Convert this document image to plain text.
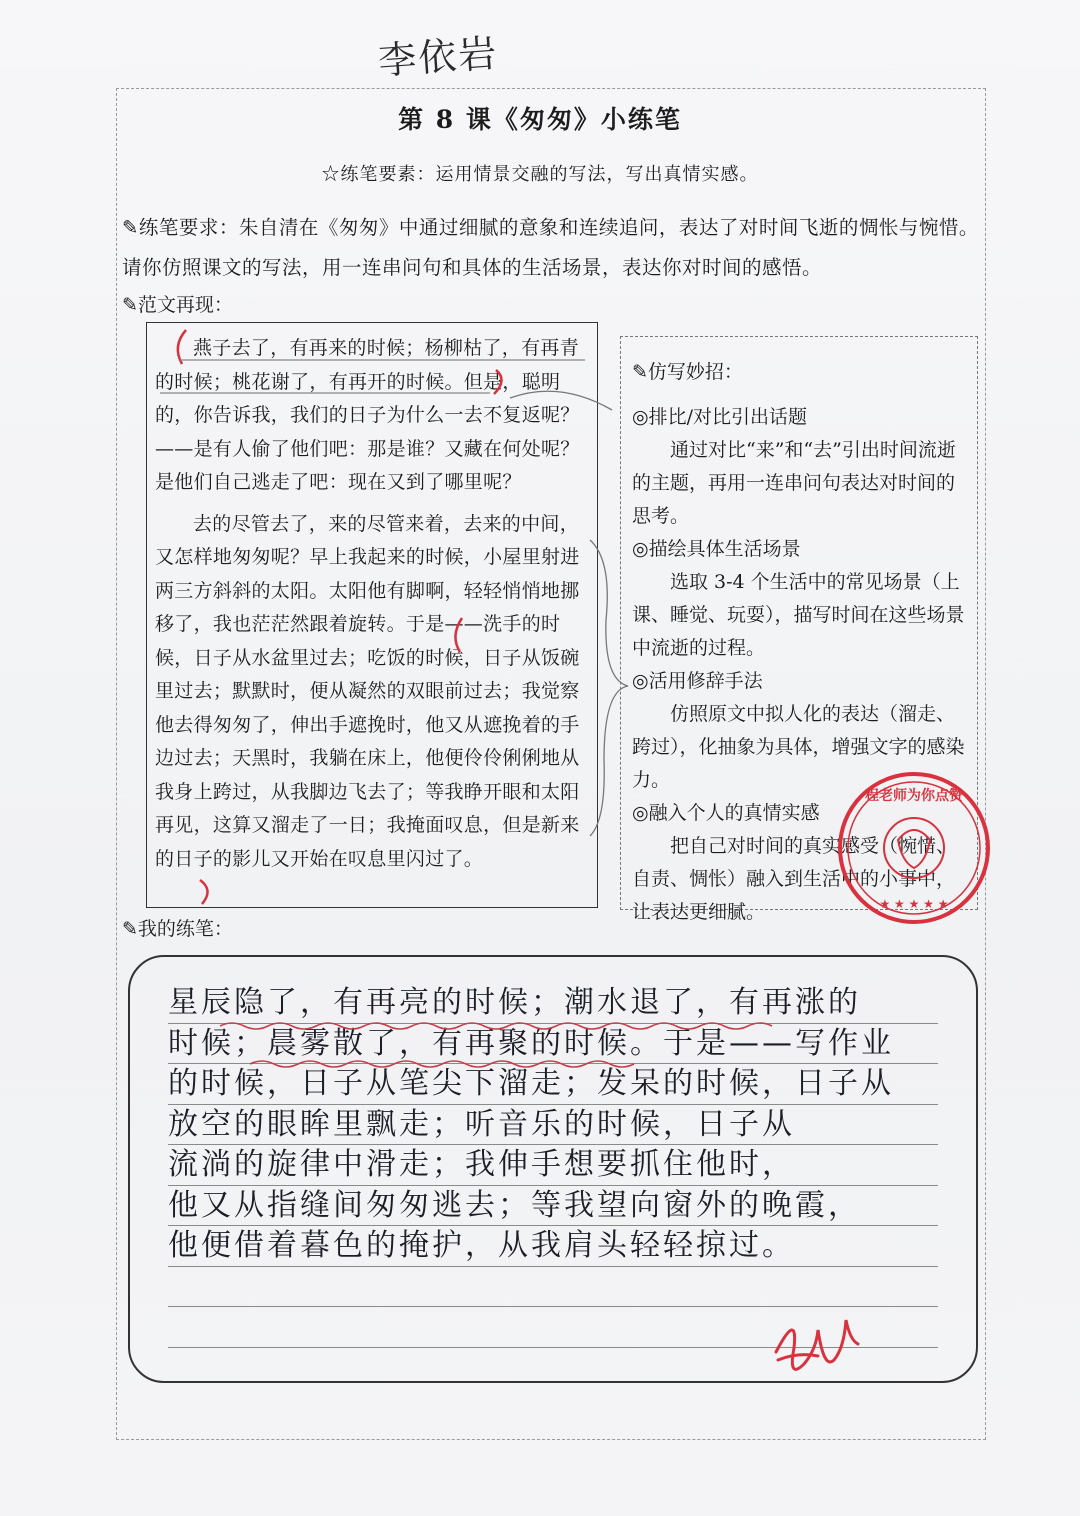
李依岩
第 8 课《匆匆》小练笔
☆练笔要素：运用情景交融的写法，写出真情实感。
✎练笔要求：朱自清在《匆匆》中通过细腻的意象和连续追问，表达了对时间飞逝的惆怅与惋惜。请你仿照课文的写法，用一连串问句和具体的生活场景，表达你对时间的感悟。
✎范文再现：

燕子去了，有再来的时候；杨柳枯了，有再青的时候；桃花谢了，有再开的时候。但是，聪明的，你告诉我，我们的日子为什么一去不复返呢？——是有人偷了他们吧：那是谁？又藏在何处呢？是他们自己逃走了吧：现在又到了哪里呢？

去的尽管去了，来的尽管来着，去来的中间，又怎样地匆匆呢？早上我起来的时候，小屋里射进两三方斜斜的太阳。太阳他有脚啊，轻轻悄悄地挪移了，我也茫茫然跟着旋转。于是——洗手的时候，日子从水盆里过去；吃饭的时候，日子从饭碗里过去；默默时，便从凝然的双眼前过去；我觉察他去得匆匆了，伸出手遮挽时，他又从遮挽着的手边过去；天黑时，我躺在床上，他便伶伶俐俐地从我身上跨过，从我脚边飞去了；等我睁开眼和太阳再见，这算又溜走了一日；我掩面叹息，但是新来的日子的影儿又开始在叹息里闪过了。

✎仿写妙招：
◎排比/对比引出话题
通过对比“来”和“去”引出时间流逝的主题，再用一连串问句表达对时间的思考。
◎描绘具体生活场景
选取 3-4 个生活中的常见场景（上课、睡觉、玩耍），描写时间在这些场景中流逝的过程。
◎活用修辞手法
仿照原文中拟人化的表达（溜走、跨过），化抽象为具体，增强文字的感染力。
◎融入个人的真情实感
把自己对时间的真实感受（惋惜、自责、惆怅）融入到生活中的小事中，让表达更细腻。
✎我的练笔：
星辰隐了，有再亮的时候；潮水退了，有再涨的
时候；晨雾散了，有再聚的时候。于是——写作业
的时候，日子从笔尖下溜走；发呆的时候，日子从
放空的眼眸里飘走；听音乐的时候，日子从
流淌的旋律中滑走；我伸手想要抓住他时，
他又从指缝间匆匆逃去；等我望向窗外的晚霞，
他便借着暮色的掩护，从我肩头轻轻掠过。
★ ★ ★ ★ ★
程老师为你点赞
